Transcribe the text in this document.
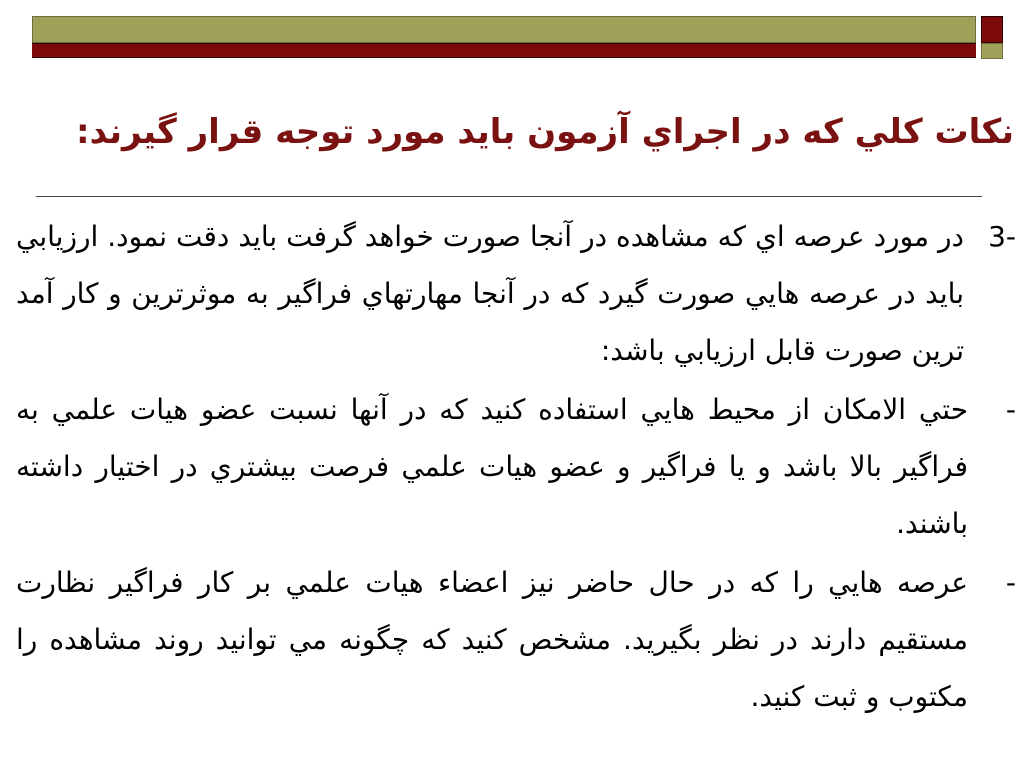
نكات كلي كه در اجراي آزمون بايد مورد توجه قرار گيرند:
3-
در مورد عرصه اي كه مشاهده در آنجا صورت خواهد گرفت بايد دقت نمود. ارزيابي بايد در عرصه هايي صورت گيرد كه در آنجا مهارتهاي فراگير به موثرترين و كار آمد ترين صورت قابل ارزيابي باشد:
-
حتي الامكان از محيط هايي استفاده كنيد كه در آنها نسبت عضو هيات علمي به فراگير بالا باشد و يا فراگير و عضو هيات علمي فرصت بيشتري در اختيار داشته باشند.
-
عرصه هايي را كه در حال حاضر نيز اعضاء هيات علمي بر كار فراگير نظارت مستقيم دارند در نظر بگيريد. مشخص كنيد كه چگونه مي توانيد روند مشاهده را مكتوب و ثبت كنيد.
